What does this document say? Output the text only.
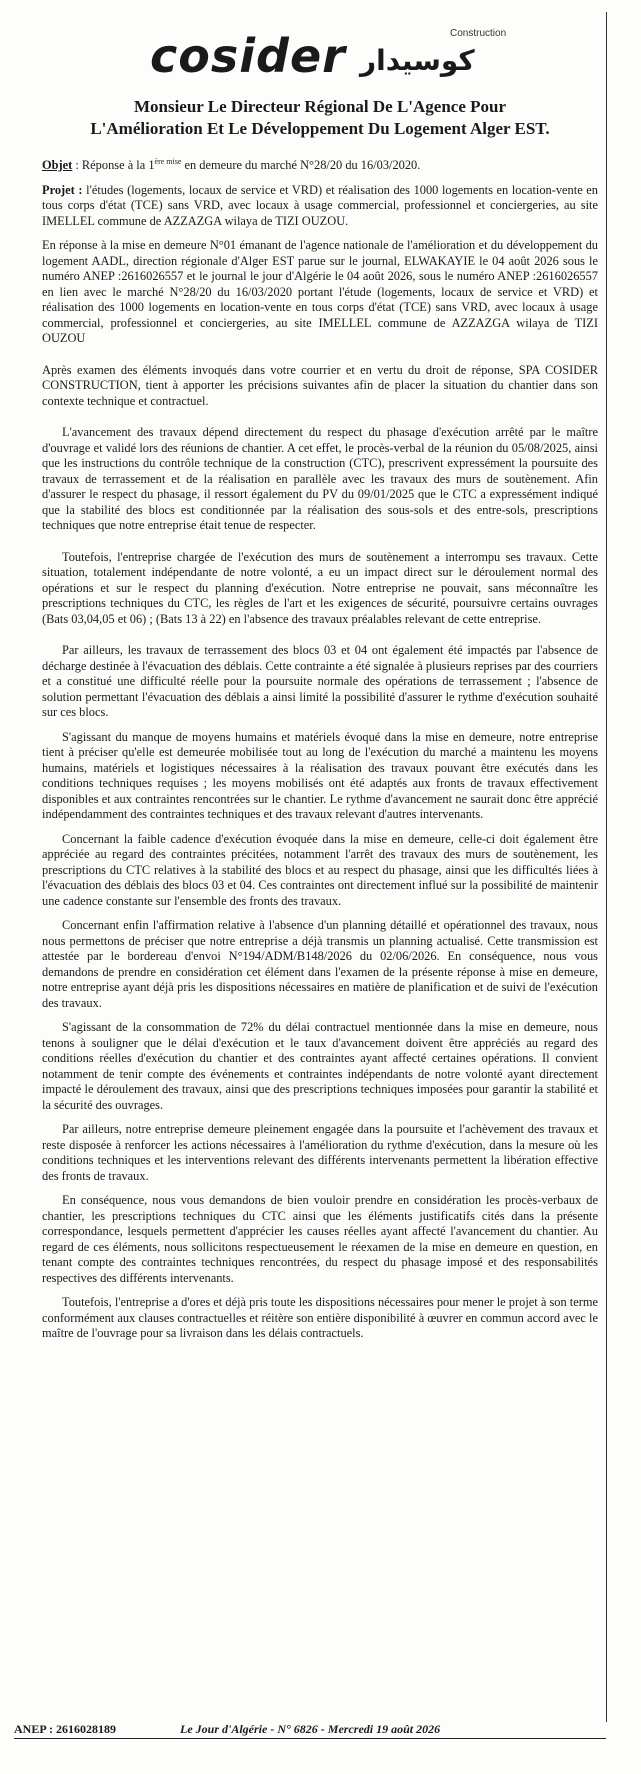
cosider	Construction
كوسيدار
Monsieur Le Directeur Régional De L'Agence Pour
L'Amélioration Et Le Développement Du Logement Alger EST.

Objet : Réponse à la $1^{ère mise}$ en demeure du marché N°28/20 du 16/03/2020.

Projet : l'études (logements, locaux de service et VRD) et réalisation des 1000 logements en location-vente en tous corps d'état (TCE) sans VRD, avec locaux à usage commercial, professionnel et conciergeries, au site IMELLEL commune de AZZAZGA wilaya de TIZI OUZOU.

En réponse à la mise en demeure N°01 émanant de l'agence nationale de l'amélioration et du développement du logement AADL, direction régionale d'Alger EST parue sur le journal, ELWAKAYIE le 04 août 2026 sous le numéro ANEP :2616026557 et le journal le jour d'Algérie le 04 août 2026, sous le numéro ANEP :2616026557 en lien avec le marché N°28/20 du 16/03/2020 portant l'étude (logements, locaux de service et VRD) et réalisation des 1000 logements en location-vente en tous corps d'état (TCE) sans VRD, avec locaux à usage commercial, professionnel et conciergeries, au site IMELLEL commune de AZZAZGA wilaya de TIZI OUZOU

Après examen des éléments invoqués dans votre courrier et en vertu du droit de réponse, SPA COSIDER CONSTRUCTION, tient à apporter les précisions suivantes afin de placer la situation du chantier dans son contexte technique et contractuel.

L'avancement des travaux dépend directement du respect du phasage d'exécution arrêté par le maître d'ouvrage et validé lors des réunions de chantier. A cet effet, le procès-verbal de la réunion du 05/08/2025, ainsi que les instructions du contrôle technique de la construction (CTC), prescrivent expressément la poursuite des travaux de terrassement et de la réalisation en parallèle avec les travaux des murs de soutènement. Afin d'assurer le respect du phasage, il ressort également du PV du 09/01/2025 que le CTC a expressément indiqué que la stabilité des blocs est conditionnée par la réalisation des sous-sols et des entre-sols, prescriptions techniques que notre entreprise était tenue de respecter.

Toutefois, l'entreprise chargée de l'exécution des murs de soutènement a interrompu ses travaux. Cette situation, totalement indépendante de notre volonté, a eu un impact direct sur le déroulement normal des opérations et sur le respect du planning d'exécution. Notre entreprise ne pouvait, sans méconnaître les prescriptions techniques du CTC, les règles de l'art et les exigences de sécurité, poursuivre certains ouvrages (Bats 03,04,05 et 06) ; (Bats 13 à 22) en l'absence des travaux préalables relevant de cette entreprise.

Par ailleurs, les travaux de terrassement des blocs 03 et 04 ont également été impactés par l'absence de décharge destinée à l'évacuation des déblais. Cette contrainte a été signalée à plusieurs reprises par des courriers et a constitué une difficulté réelle pour la poursuite normale des opérations de terrassement ; l'absence de solution permettant l'évacuation des déblais a ainsi limité la possibilité d'assurer le rythme d'exécution souhaité sur ces blocs.

S'agissant du manque de moyens humains et matériels évoqué dans la mise en demeure, notre entreprise tient à préciser qu'elle est demeurée mobilisée tout au long de l'exécution du marché a maintenu les moyens humains, matériels et logistiques nécessaires à la réalisation des travaux pouvant être exécutés dans les conditions techniques requises ; les moyens mobilisés ont été adaptés aux fronts de travaux effectivement disponibles et aux contraintes rencontrées sur le chantier. Le rythme d'avancement ne saurait donc être apprécié indépendamment des contraintes techniques et des travaux relevant d'autres intervenants.

Concernant la faible cadence d'exécution évoquée dans la mise en demeure, celle-ci doit également être appréciée au regard des contraintes précitées, notamment l'arrêt des travaux des murs de soutènement, les prescriptions du CTC relatives à la stabilité des blocs et au respect du phasage, ainsi que les difficultés liées à l'évacuation des déblais des blocs 03 et 04. Ces contraintes ont directement influé sur la possibilité de maintenir une cadence constante sur l'ensemble des fronts des travaux.

Concernant enfin l'affirmation relative à l'absence d'un planning détaillé et opérationnel des travaux, nous nous permettons de préciser que notre entreprise a déjà transmis un planning actualisé. Cette transmission est attestée par le bordereau d'envoi N°194/ADM/B148/2026 du 02/06/2026. En conséquence, nous vous demandons de prendre en considération cet élément dans l'examen de la présente réponse à mise en demeure, notre entreprise ayant déjà pris les dispositions nécessaires en matière de planification et de suivi de l'exécution des travaux.

S'agissant de la consommation de 72% du délai contractuel mentionnée dans la mise en demeure, nous tenons à souligner que le délai d'exécution et le taux d'avancement doivent être appréciés au regard des conditions réelles d'exécution du chantier et des contraintes ayant affecté certaines opérations. Il convient notamment de tenir compte des événements et contraintes indépendants de notre volonté ayant directement impacté le déroulement des travaux, ainsi que des prescriptions techniques imposées pour garantir la stabilité et la sécurité des ouvrages.

Par ailleurs, notre entreprise demeure pleinement engagée dans la poursuite et l'achèvement des travaux et reste disposée à renforcer les actions nécessaires à l'amélioration du rythme d'exécution, dans la mesure où les conditions techniques et les interventions relevant des différents intervenants permettent la libération effective des fronts de travaux.

En conséquence, nous vous demandons de bien vouloir prendre en considération les procès-verbaux de chantier, les prescriptions techniques du CTC ainsi que les éléments justificatifs cités dans la présente correspondance, lesquels permettent d'apprécier les causes réelles ayant affecté l'avancement du chantier. Au regard de ces éléments, nous sollicitons respectueusement le réexamen de la mise en demeure en question, en tenant compte des contraintes techniques rencontrées, du respect du phasage imposé et des responsabilités respectives des différents intervenants.

Toutefois, l'entreprise a d'ores et déjà pris toute les dispositions nécessaires pour mener le projet à son terme conformément aux clauses contractuelles et réitère son entière disponibilité à œuvrer en commun accord avec le maître de l'ouvrage pour sa livraison dans les délais contractuels.

ANEP : 2616028189	Le Jour d'Algérie - N° 6826 - Mercredi 19 août 2026
